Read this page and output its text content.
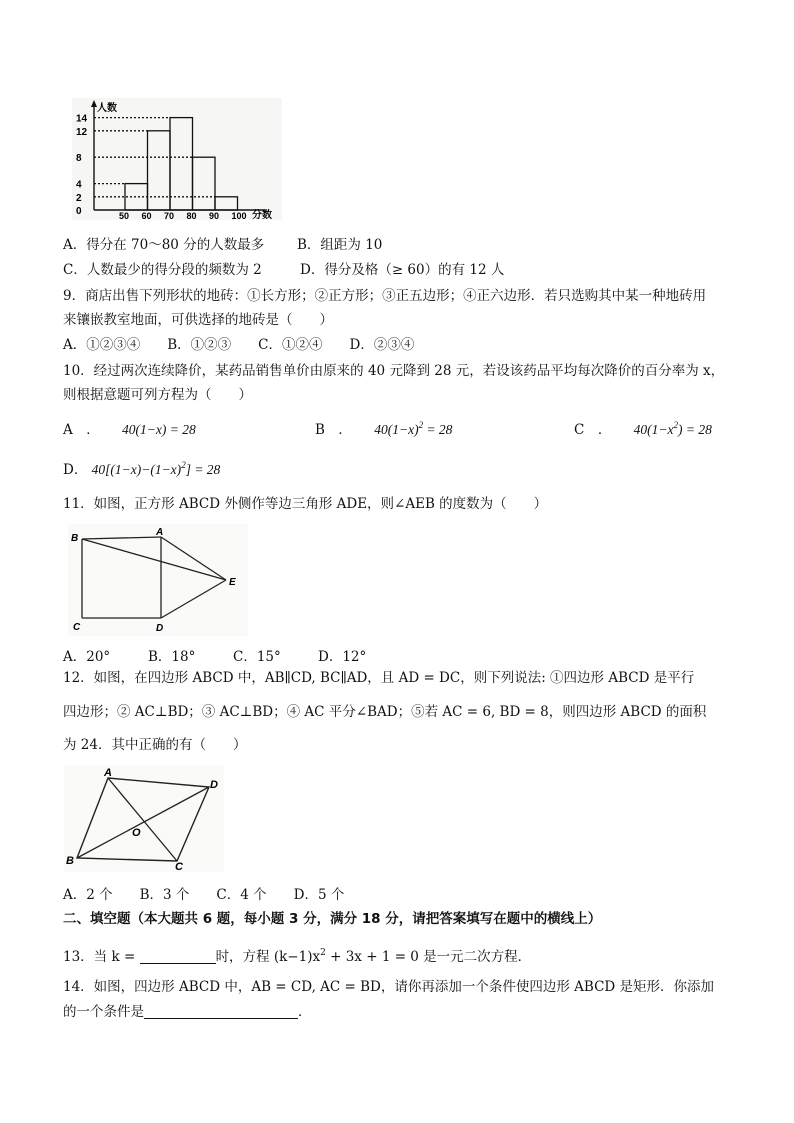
人数
分数
14
12
8
4
2
0	50 60 70 80 90 100
A．得分在 70～80 分的人数最多 B．组距为 10
C．人数最少的得分段的频数为 2	D．得分及格（≥ 60）的有 12 人
9．商店出售下列形状的地砖：①长方形；②正方形；③正五边形；④正六边形．若只选购其中某一种地砖用
来镶嵌教室地面，可供选择的地砖是（　　）
A．①②③④　　B．①②③　　C．①②④　　D．②③④
10．经过两次连续降价，某药品销售单价由原来的 40 元降到 28 元，若设该药品平均每次降价的百分率为 x，
则根据意题可列方程为（　　）
A　． 40(1−x) = 28	B　． $40(1-x)^2 = 28$	C　． $40(1-x^2) = 28$
D． $40[(1-x)-(1-x)^2] = 28$
11．如图，正方形 ABCD 外侧作等边三角形 ADE，则∠AEB 的度数为（　　）
A
B
C	D
E
A．20°	B．18°	C．15°	D．12°
12．如图，在四边形 ABCD 中，AB∥CD, BC∥AD，且 AD = DC，则下列说法: ①四边形 ABCD 是平行
四边形；② AC⊥BD；③ AC⊥BD；④ AC 平分∠BAD；⑤若 AC = 6, BD = 8，则四边形 ABCD 的面积
为 24．其中正确的有（　　）
A
B	C
D
O
A．2 个　　B．3 个　　C．4 个　　D．5 个
二、填空题（本大题共 6 题，每小题 3 分，满分 18 分，请把答案填写在题中的横线上）
13．当 k =	时，方程 $(k-1)x^2 + 3x + 1 = 0$ 是一元二次方程．
14．如图，四边形 ABCD 中，AB = CD, AC = BD，请你再添加一个条件使四边形 ABCD 是矩形．你添加
的一个条件是	．
